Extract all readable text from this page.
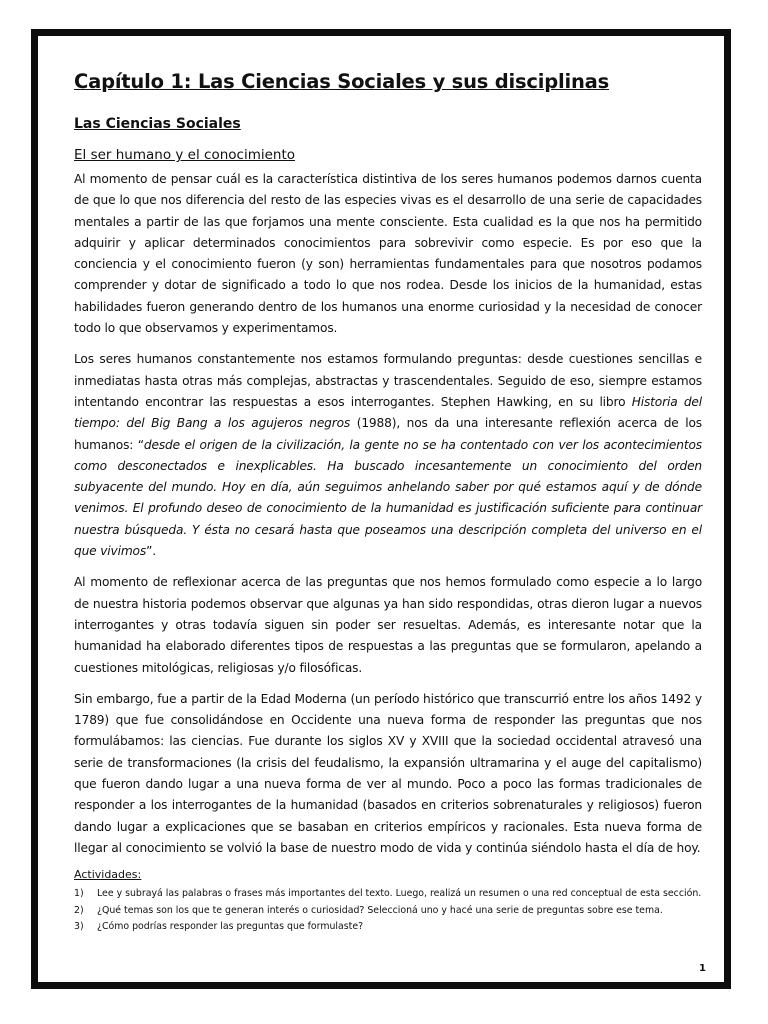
Capítulo 1: Las Ciencias Sociales y sus disciplinas
Las Ciencias Sociales
El ser humano y el conocimiento

Al momento de pensar cuál es la característica distintiva de los seres humanos podemos darnos cuenta de que lo que nos diferencia del resto de las especies vivas es el desarrollo de una serie de capacidades mentales a partir de las que forjamos una mente consciente. Esta cualidad es la que nos ha permitido adquirir y aplicar determinados conocimientos para sobrevivir como especie. Es por eso que la conciencia y el conocimiento fueron (y son) herramientas fundamentales para que nosotros podamos comprender y dotar de significado a todo lo que nos rodea. Desde los inicios de la humanidad, estas habilidades fueron generando dentro de los humanos una enorme curiosidad y la necesidad de conocer todo lo que observamos y experimentamos.

Los seres humanos constantemente nos estamos formulando preguntas: desde cuestiones sencillas e inmediatas hasta otras más complejas, abstractas y trascendentales. Seguido de eso, siempre estamos intentando encontrar las respuestas a esos interrogantes. Stephen Hawking, en su libro Historia del tiempo: del Big Bang a los agujeros negros (1988), nos da una interesante reflexión acerca de los humanos: “desde el origen de la civilización, la gente no se ha contentado con ver los acontecimientos como desconectados e inexplicables. Ha buscado incesantemente un conocimiento del orden subyacente del mundo. Hoy en día, aún seguimos anhelando saber por qué estamos aquí y de dónde venimos. El profundo deseo de conocimiento de la humanidad es justificación suficiente para continuar nuestra búsqueda. Y ésta no cesará hasta que poseamos una descripción completa del universo en el que vivimos”.

Al momento de reflexionar acerca de las preguntas que nos hemos formulado como especie a lo largo de nuestra historia podemos observar que algunas ya han sido respondidas, otras dieron lugar a nuevos interrogantes y otras todavía siguen sin poder ser resueltas. Además, es interesante notar que la humanidad ha elaborado diferentes tipos de respuestas a las preguntas que se formularon, apelando a cuestiones mitológicas, religiosas y/o filosóficas.

Sin embargo, fue a partir de la Edad Moderna (un período histórico que transcurrió entre los años 1492 y 1789) que fue consolidándose en Occidente una nueva forma de responder las preguntas que nos formulábamos: las ciencias. Fue durante los siglos XV y XVIII que la sociedad occidental atravesó una serie de transformaciones (la crisis del feudalismo, la expansión ultramarina y el auge del capitalismo) que fueron dando lugar a una nueva forma de ver al mundo. Poco a poco las formas tradicionales de responder a los interrogantes de la humanidad (basados en criterios sobrenaturales y religiosos) fueron dando lugar a explicaciones que se basaban en criterios empíricos y racionales. Esta nueva forma de llegar al conocimiento se volvió la base de nuestro modo de vida y continúa siéndolo hasta el día de hoy.

Actividades:
1) Lee y subrayá las palabras o frases más importantes del texto. Luego, realizá un resumen o una red conceptual de esta sección.
2) ¿Qué temas son los que te generan interés o curiosidad? Seleccioná uno y hacé una serie de preguntas sobre ese tema.
3) ¿Cómo podrías responder las preguntas que formulaste?
1
